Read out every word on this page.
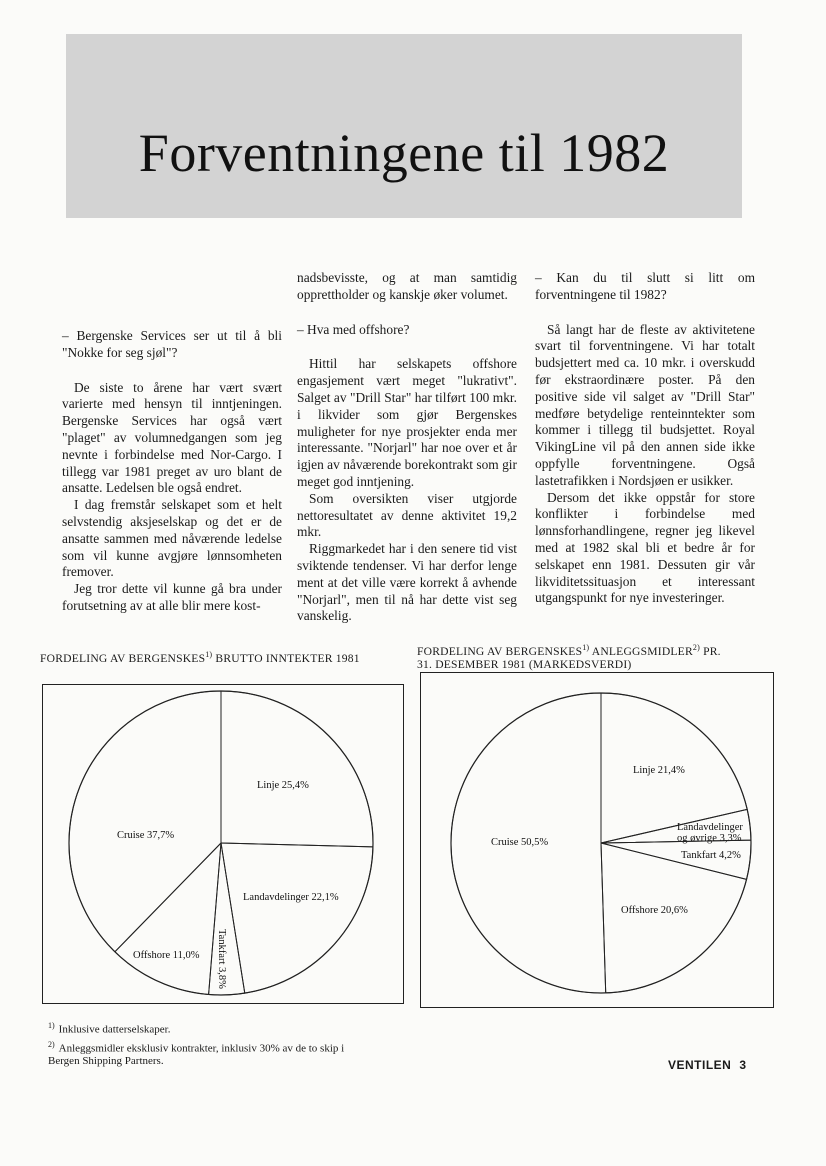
Forventningene til 1982

– Bergenske Services ser ut til å bli "Nokke for seg sjøl"?

De siste to årene har vært svært varierte med hensyn til inntjeningen. Bergenske Services har også vært "plaget" av volumnedgangen som jeg nevnte i forbindelse med Nor-Cargo. I tillegg var 1981 preget av uro blant de ansatte. Ledelsen ble også endret.

I dag fremstår selskapet som et helt selvstendig aksjeselskap og det er de ansatte sammen med nåværende ledelse som vil kunne avgjøre lønnsomheten fremover.

Jeg tror dette vil kunne gå bra under forutsetning av at alle blir mere kost-

nadsbevisste, og at man samtidig opprettholder og kanskje øker volumet.

– Hva med offshore?

Hittil har selskapets offshore engasjement vært meget "lukrativt". Salget av "Drill Star" har tilført 100 mkr. i likvider som gjør Bergenskes muligheter for nye prosjekter enda mer interessante. "Norjarl" har noe over et år igjen av nåværende borekontrakt som gir meget god inntjening.

Som oversikten viser utgjorde nettoresultatet av denne aktivitet 19,2 mkr.

Riggmarkedet har i den senere tid vist sviktende tendenser. Vi har derfor lenge ment at det ville være korrekt å avhende "Norjarl", men til nå har dette vist seg vanskelig.

– Kan du til slutt si litt om forventningene til 1982?

Så langt har de fleste av aktivitetene svart til forventningene. Vi har totalt budsjettert med ca. 10 mkr. i overskudd før ekstraordinære poster. På den positive side vil salget av "Drill Star" medføre betydelige renteinntekter som kommer i tillegg til budsjettet. Royal VikingLine vil på den annen side ikke oppfylle forventningene. Også lastetrafikken i Nordsjøen er usikker.

Dersom det ikke oppstår for store konflikter i forbindelse med lønnsforhandlingene, regner jeg likevel med at 1982 skal bli et bedre år for selskapet enn 1981. Dessuten gir vår likviditetssituasjon et interessant utgangspunkt for nye investeringer.

FORDELING AV BERGENSKES$^{1)}$ BRUTTO INNTEKTER 1981
Linje 25,4%
Landavdelinger 22,1%
Tankfart 3,8%
Offshore 11,0%
Cruise 37,7%
FORDELING AV BERGENSKES$^{1)}$ ANLEGGSMIDLER$^{2)}$ PR.
31. DESEMBER 1981 (MARKEDSVERDI)
Linje 21,4%
Landavdelinger og øvrige 3,3%
Tankfart 4,2%
Offshore 20,6%
Cruise 50,5%
$^{1)}$ Inklusive datterselskaper.
$^{2)}$ Anleggsmidler eksklusiv kontrakter, inklusiv 30% av de to skip i Bergen Shipping Partners.	VENTILEN 3
